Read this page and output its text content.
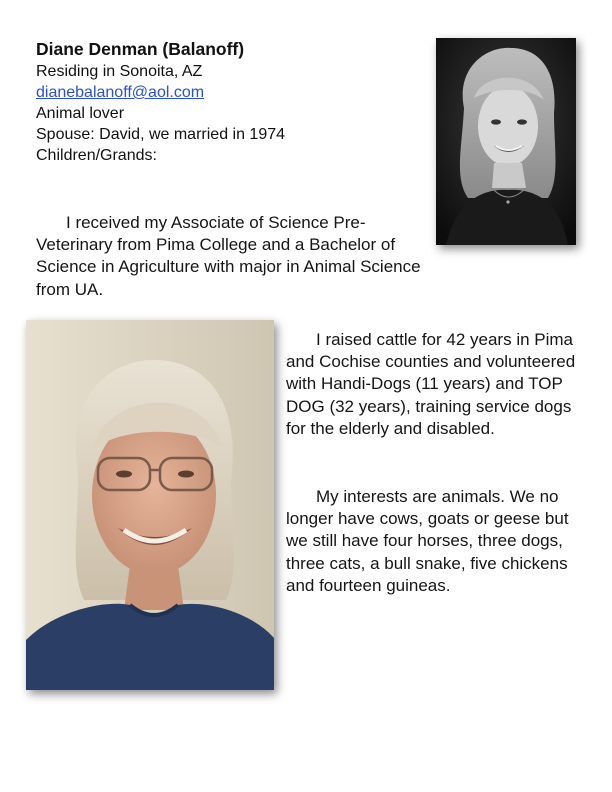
Diane Denman (Balanoff)
Residing in Sonoita, AZ
dianebalanoff@aol.com
Animal lover
Spouse: David, we married in 1974
Children/Grands:
I received my Associate of Science Pre-Veterinary from Pima College and a Bachelor of Science in Agriculture with major in Animal Science from UA.
I raised cattle for 42 years in Pima and Cochise counties and volunteered with Handi-Dogs (11 years) and TOP DOG (32 years), training service dogs for the elderly and disabled.
My interests are animals. We no longer have cows, goats or geese but we still have four horses, three dogs, three cats, a bull snake, five chickens and fourteen guineas.
